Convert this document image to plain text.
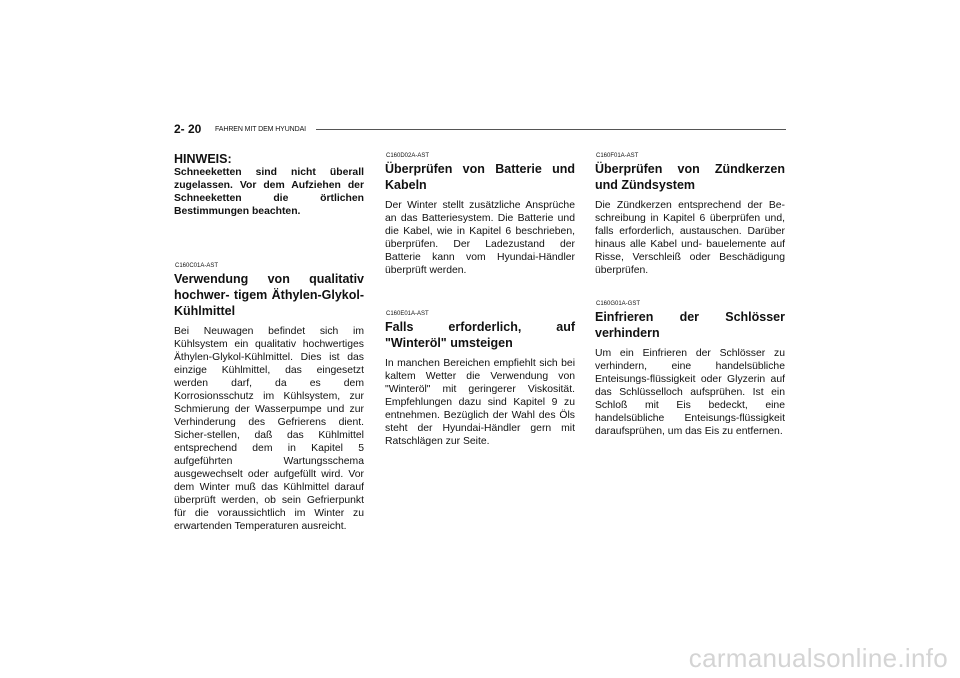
2- 20 FAHREN MIT DEM HYUNDAI

HINWEIS:

Schneeketten sind nicht überall zugelassen. Vor dem Aufziehen der Schneeketten die örtlichen Bestimmungen beachten.

C160C01A-AST
Verwendung von qualitativ hochwer- tigem Äthylen-Glykol-Kühlmittel

Bei Neuwagen befindet sich im Kühlsystem ein qualitativ hochwertiges Äthylen-Glykol-Kühlmittel. Dies ist das einzige Kühlmittel, das eingesetzt werden darf, da es dem Korrosionsschutz im Kühlsystem, zur Schmierung der Wasserpumpe und zur Verhinderung des Gefrierens dient. Sicher-stellen, daß das Kühlmittel entsprechend dem in Kapitel 5 aufgeführten Wartungsschema ausgewechselt oder aufgefüllt wird. Vor dem Winter muß das Kühlmittel darauf überprüft werden, ob sein Gefrierpunkt für die voraussichtlich im Winter zu erwartenden Temperaturen ausreicht.

C160D02A-AST
Überprüfen von Batterie und Kabeln

Der Winter stellt zusätzliche Ansprüche an das Batteriesystem. Die Batterie und die Kabel, wie in Kapitel 6 beschrieben, überprüfen. Der Ladezustand der Batterie kann vom Hyundai-Händler überprüft werden.

C160E01A-AST
Falls erforderlich, auf "Winteröl" umsteigen

In manchen Bereichen empfiehlt sich bei kaltem Wetter die Verwendung von "Winteröl" mit geringerer Viskosität. Empfehlungen dazu sind Kapitel 9 zu entnehmen. Bezüglich der Wahl des Öls steht der Hyundai-Händler gern mit Ratschlägen zur Seite.

C160F01A-AST
Überprüfen von Zündkerzen und Zündsystem

Die Zündkerzen entsprechend der Be-schreibung in Kapitel 6 überprüfen und, falls erforderlich, austauschen. Darüber hinaus alle Kabel und- bauelemente auf Risse, Verschleiß oder Beschädigung überprüfen.

C160G01A-GST
Einfrieren der Schlösser verhindern

Um ein Einfrieren der Schlösser zu verhindern, eine handelsübliche Enteisungs-flüssigkeit oder Glyzerin auf das Schlüsselloch aufsprühen. Ist ein Schloß mit Eis bedeckt, eine handelsübliche Enteisungs-flüssigkeit daraufsprühen, um das Eis zu entfernen.

carmanualsonline.info
